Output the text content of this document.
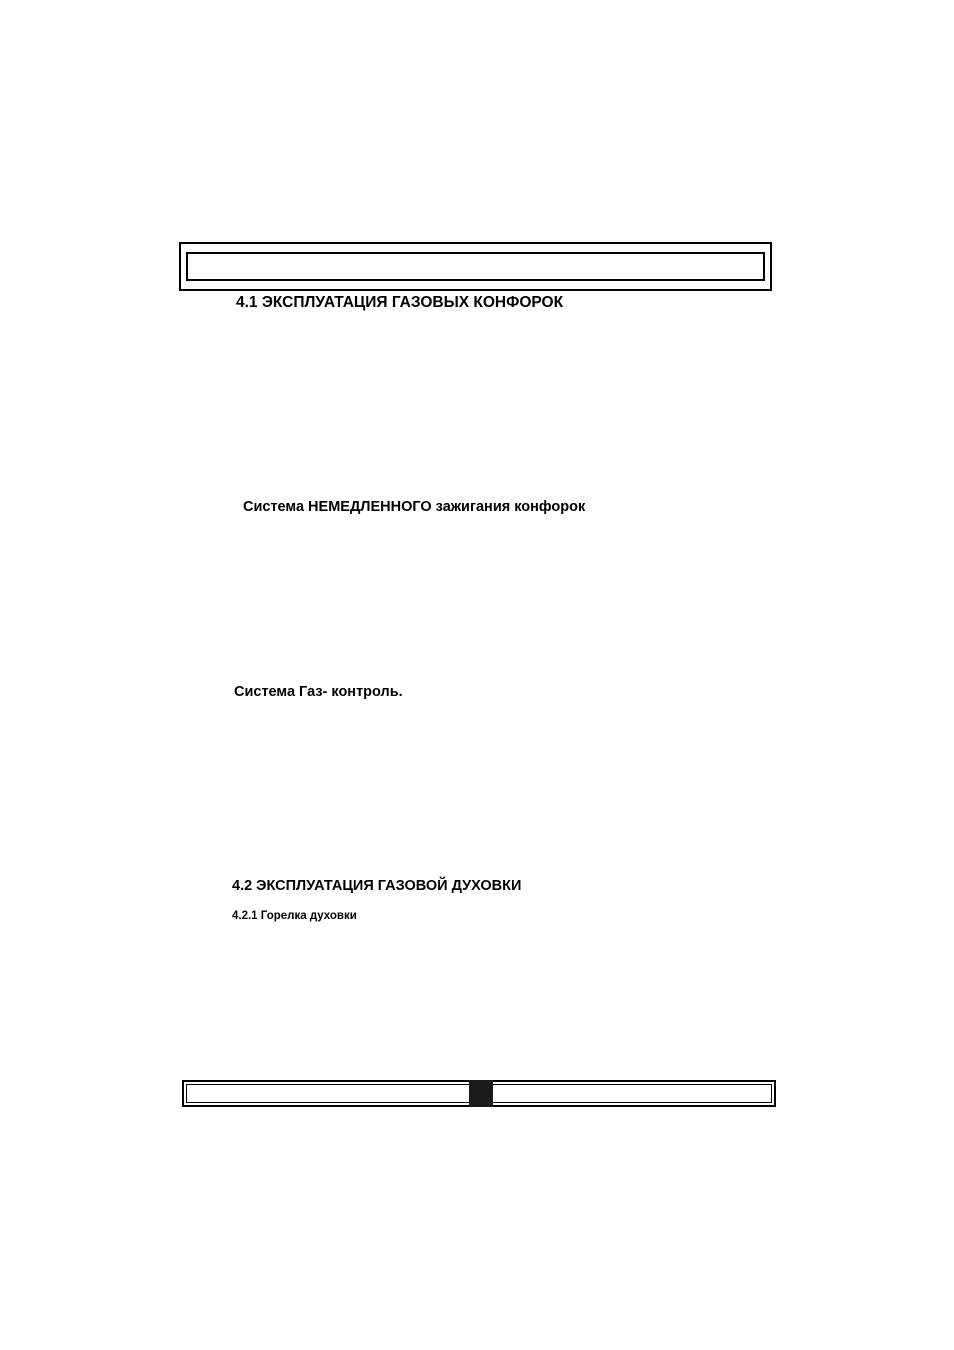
4.1 ЭКСПЛУАТАЦИЯ ГАЗОВЫХ КОНФОРОК
Система НЕМЕДЛЕННОГО зажигания конфорок
Система Газ- контроль.
4.2 ЭКСПЛУАТАЦИЯ ГАЗОВОЙ ДУХОВКИ
4.2.1 Горелка духовки
